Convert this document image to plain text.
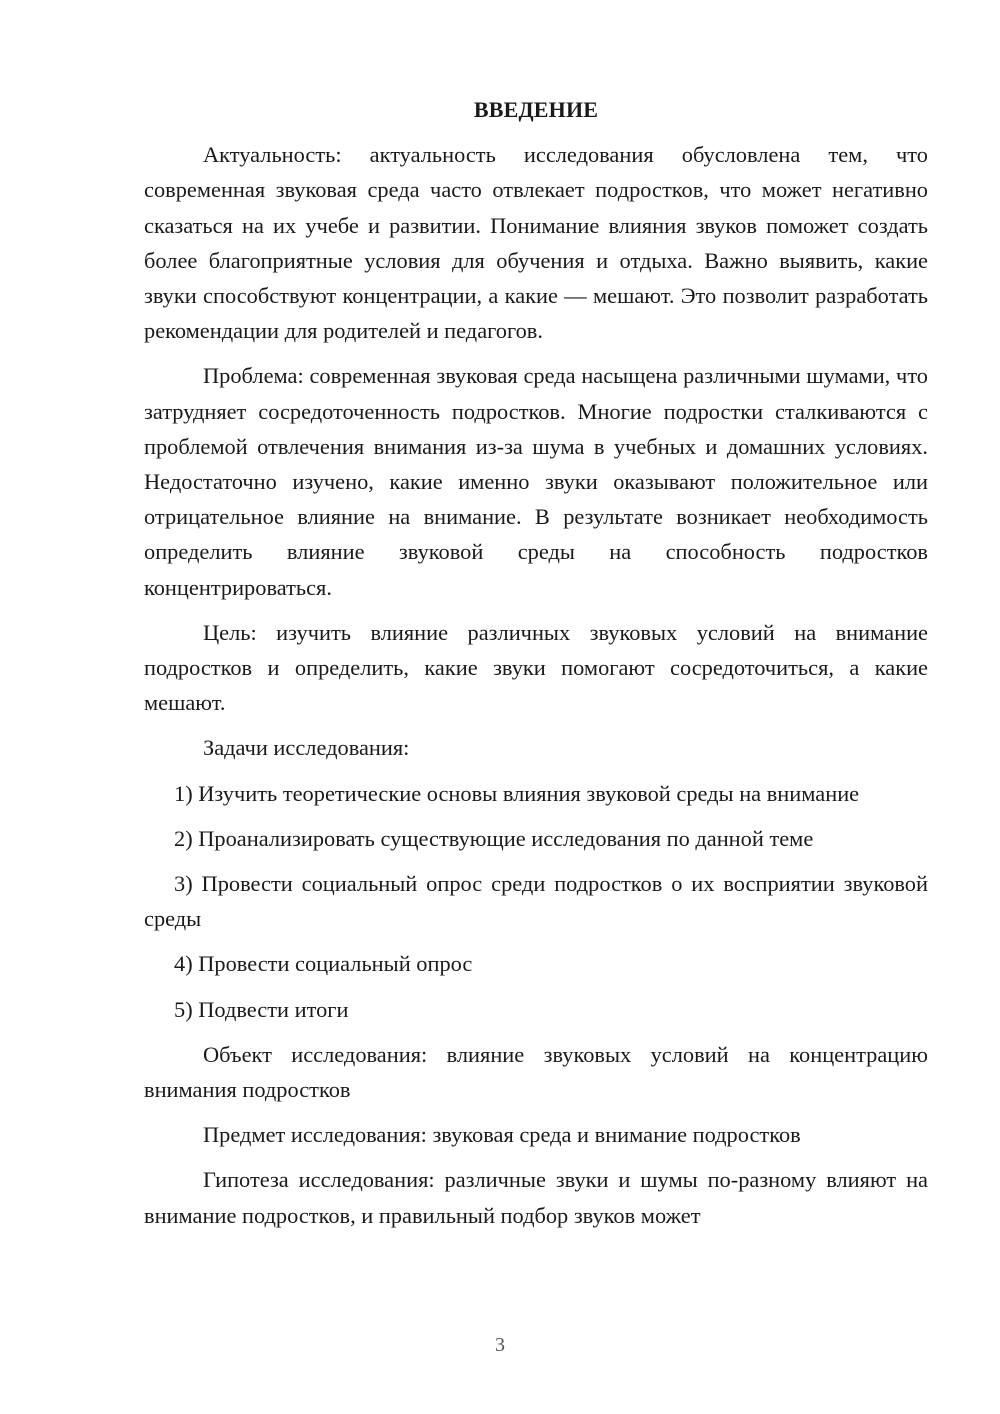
ВВЕДЕНИЕ
Актуальность: актуальность исследования обусловлена тем, что современная звуковая среда часто отвлекает подростков, что может негативно сказаться на их учебе и развитии. Понимание влияния звуков поможет создать более благоприятные условия для обучения и отдыха. Важно выявить, какие звуки способствуют концентрации, а какие — мешают. Это позволит разработать рекомендации для родителей и педагогов.
Проблема: современная звуковая среда насыщена различными шумами, что затрудняет сосредоточенность подростков. Многие подростки сталкиваются с проблемой отвлечения внимания из-за шума в учебных и домашних условиях. Недостаточно изучено, какие именно звуки оказывают положительное или отрицательное влияние на внимание. В результате возникает необходимость определить влияние звуковой среды на способность подростков концентрироваться.
Цель: изучить влияние различных звуковых условий на внимание подростков и определить, какие звуки помогают сосредоточиться, а какие мешают.
Задачи исследования:
1) Изучить теоретические основы влияния звуковой среды на внимание
2) Проанализировать существующие исследования по данной теме
3) Провести социальный опрос среди подростков о их восприятии звуковой среды
4) Провести социальный опрос
5) Подвести итоги
Объект исследования: влияние звуковых условий на концентрацию внимания подростков
Предмет исследования: звуковая среда и внимание подростков
Гипотеза исследования: различные звуки и шумы по-разному влияют на внимание подростков, и правильный подбор звуков может
3
